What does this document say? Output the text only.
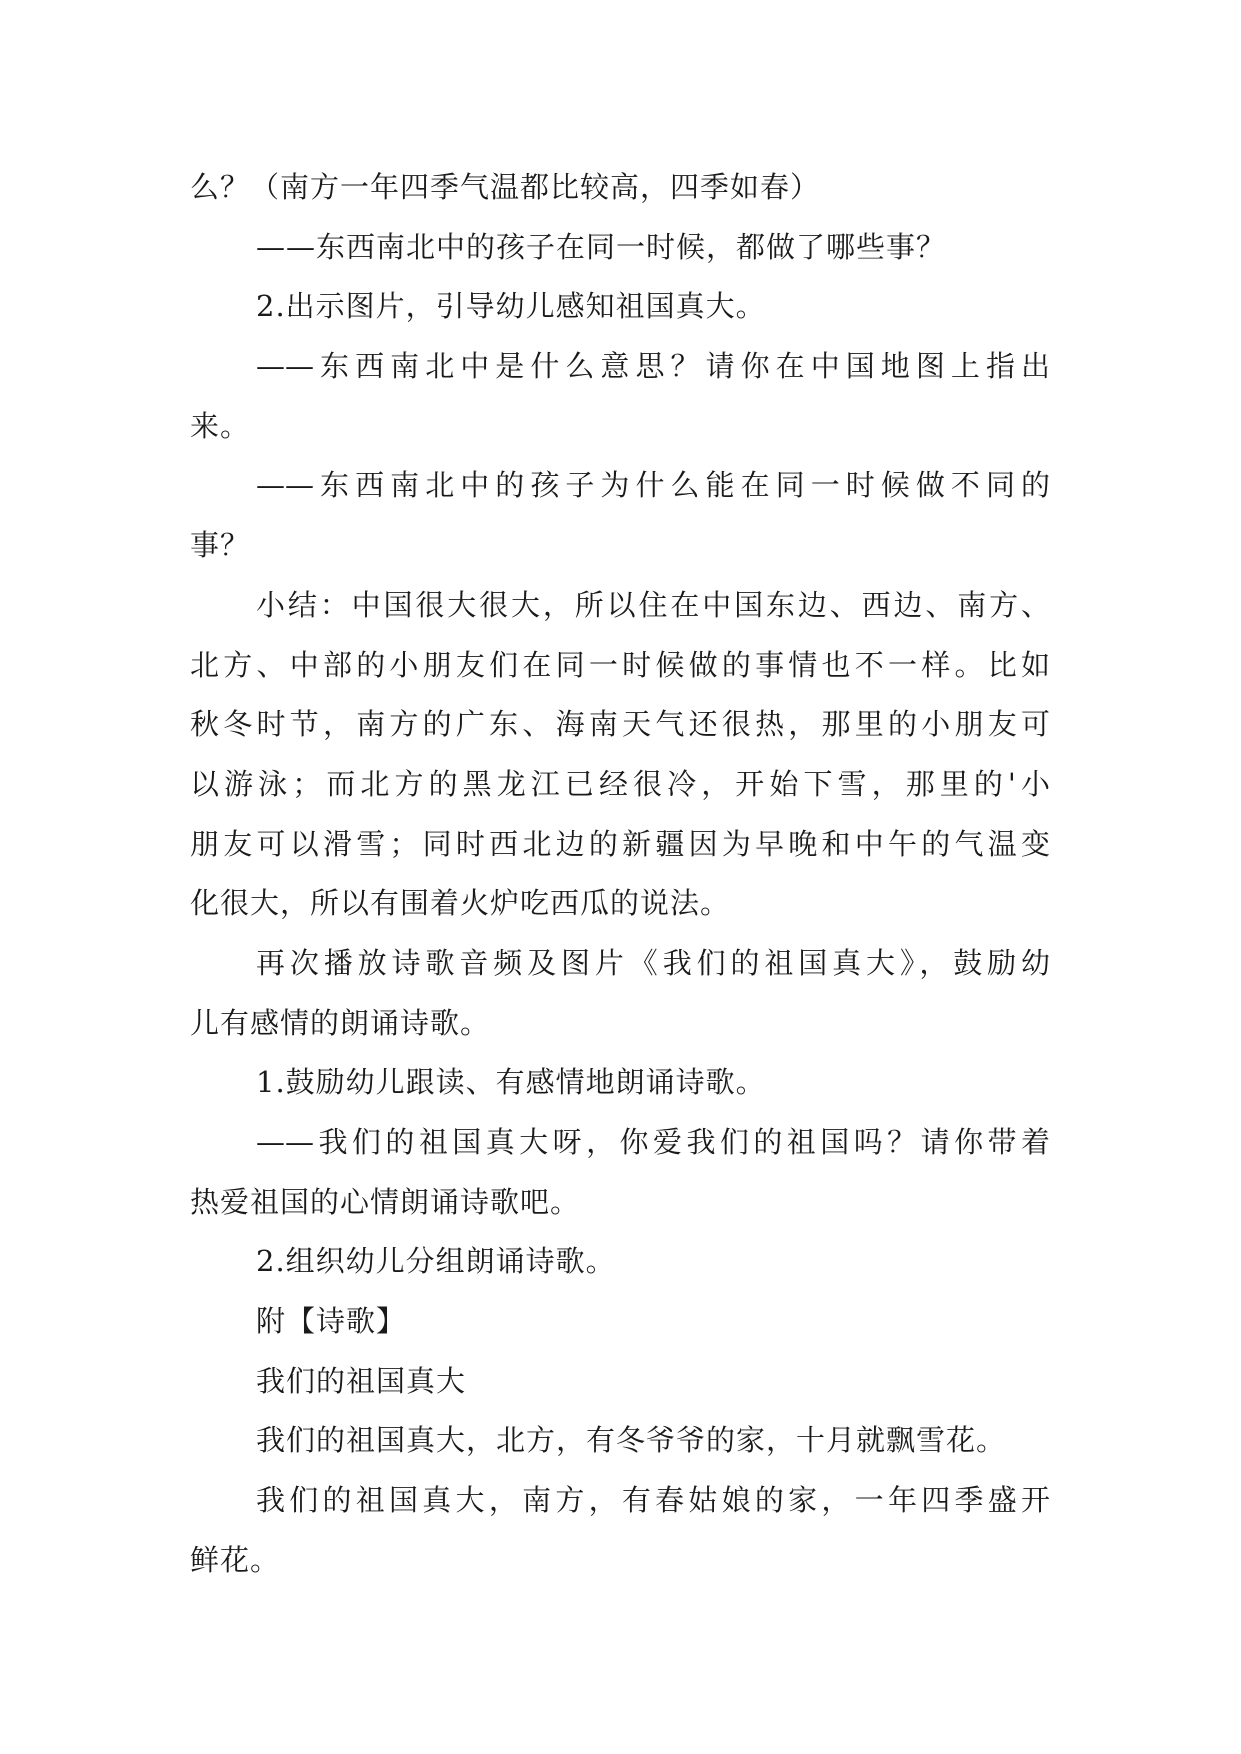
么？（南方一年四季气温都比较高，四季如春）
——东西南北中的孩子在同一时候，都做了哪些事？
2.出示图片，引导幼儿感知祖国真大。
——东西南北中是什么意思？请你在中国地图上指出
来。
——东西南北中的孩子为什么能在同一时候做不同的
事？
小结：中国很大很大，所以住在中国东边、西边、南方、
北方、中部的小朋友们在同一时候做的事情也不一样。比如
秋冬时节，南方的广东、海南天气还很热，那里的小朋友可
以游泳；而北方的黑龙江已经很冷，开始下雪，那里的'小
朋友可以滑雪；同时西北边的新疆因为早晚和中午的气温变
化很大，所以有围着火炉吃西瓜的说法。
再次播放诗歌音频及图片《我们的祖国真大》，鼓励幼
儿有感情的朗诵诗歌。
1.鼓励幼儿跟读、有感情地朗诵诗歌。
——我们的祖国真大呀，你爱我们的祖国吗？请你带着
热爱祖国的心情朗诵诗歌吧。
2.组织幼儿分组朗诵诗歌。
附【诗歌】
我们的祖国真大
我们的祖国真大，北方，有冬爷爷的家，十月就飘雪花。
我们的祖国真大，南方，有春姑娘的家，一年四季盛开
鲜花。
